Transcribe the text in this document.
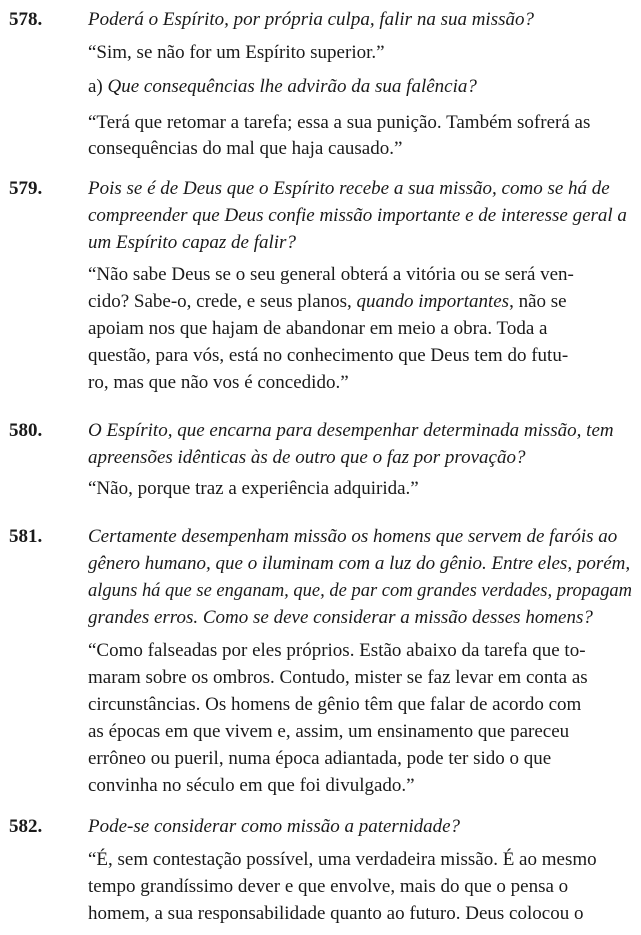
578. Poderá o Espírito, por própria culpa, falir na sua missão?
“Sim, se não for um Espírito superior.”
a) Que consequências lhe advirão da sua falência?
“Terá que retomar a tarefa; essa a sua punição. Também sofrerá as
consequências do mal que haja causado.”
579. Pois se é de Deus que o Espírito recebe a sua missão, como se há de
compreender que Deus confie missão importante e de interesse geral a
um Espírito capaz de falir?
“Não sabe Deus se o seu general obterá a vitória ou se será ven-
cido? Sabe-o, crede, e seus planos, quando importantes, não se
apoiam nos que hajam de abandonar em meio a obra. Toda a
questão, para vós, está no conhecimento que Deus tem do futu-
ro, mas que não vos é concedido.”
580. O Espírito, que encarna para desempenhar determinada missão, tem
apreensões idênticas às de outro que o faz por provação?
“Não, porque traz a experiência adquirida.”
581. Certamente desempenham missão os homens que servem de faróis ao
gênero humano, que o iluminam com a luz do gênio. Entre eles, porém,
alguns há que se enganam, que, de par com grandes verdades, propagam
grandes erros. Como se deve considerar a missão desses homens?
“Como falseadas por eles próprios. Estão abaixo da tarefa que to-
maram sobre os ombros. Contudo, mister se faz levar em conta as
circunstâncias. Os homens de gênio têm que falar de acordo com
as épocas em que vivem e, assim, um ensinamento que pareceu
errôneo ou pueril, numa época adiantada, pode ter sido o que
convinha no século em que foi divulgado.”
582. Pode-se considerar como missão a paternidade?
“É, sem contestação possível, uma verdadeira missão. É ao mesmo
tempo grandíssimo dever e que envolve, mais do que o pensa o
homem, a sua responsabilidade quanto ao futuro. Deus colocou o
